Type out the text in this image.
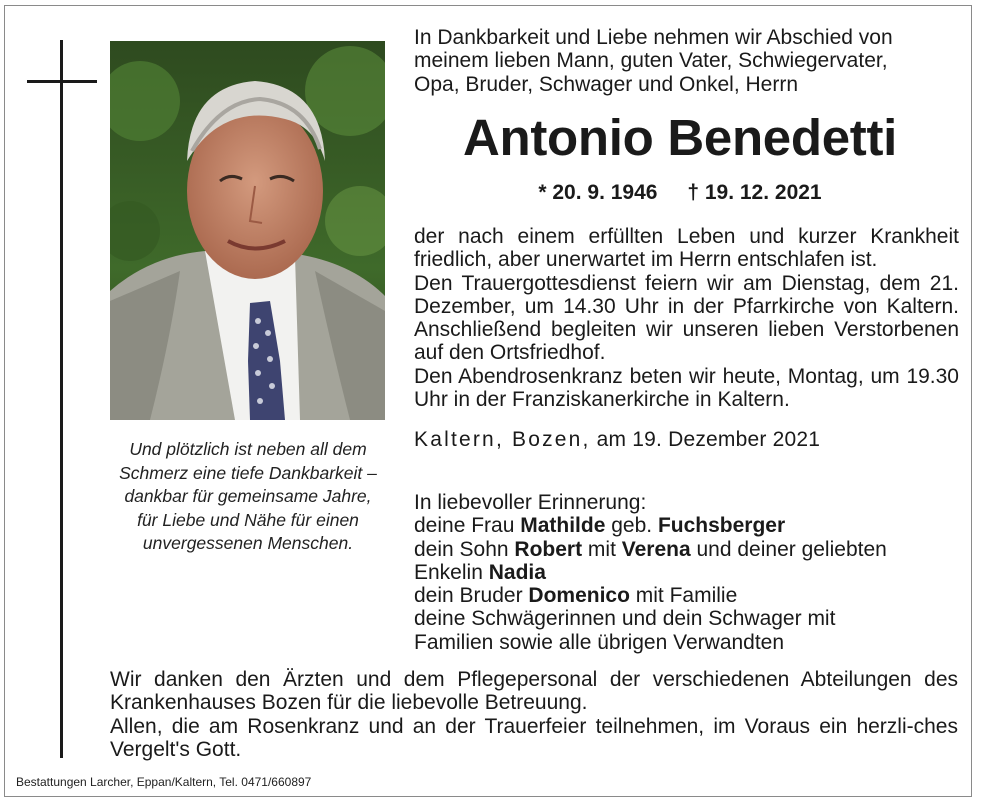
Und plötzlich ist neben all dem
Schmerz eine tiefe Dankbarkeit –
dankbar für gemeinsame Jahre,
für Liebe und Nähe für einen
unvergessenen Menschen.
In Dankbarkeit und Liebe nehmen wir Abschied von
meinem lieben Mann, guten Vater, Schwiegervater,
Opa, Bruder, Schwager und Onkel, Herrn
Antonio Benedetti
* 20. 9. 1946 † 19. 12. 2021

der nach einem erfüllten Leben und kurzer Krankheit friedlich, aber unerwartet im Herrn entschlafen ist.

Den Trauergottesdienst feiern wir am Dienstag, dem 21. Dezember, um 14.30 Uhr in der Pfarrkirche von Kaltern. Anschließend begleiten wir unseren lieben Verstorbenen auf den Ortsfriedhof.

Den Abendrosenkranz beten wir heute, Montag, um 19.30 Uhr in der Franziskanerkirche in Kaltern.

Kaltern, Bozen, am 19. Dezember 2021
In liebevoller Erinnerung:
deine Frau Mathilde geb. Fuchsberger
dein Sohn Robert mit Verena und deiner geliebten
Enkelin Nadia
dein Bruder Domenico mit Familie
deine Schwägerinnen und dein Schwager mit
Familien sowie alle übrigen Verwandten

Wir danken den Ärzten und dem Pflegepersonal der verschiedenen Abteilungen des Krankenhauses Bozen für die liebevolle Betreuung.

Allen, die am Rosenkranz und an der Trauerfeier teilnehmen, im Voraus ein herzli-ches Vergelt's Gott.

Bestattungen Larcher, Eppan/Kaltern, Tel. 0471/660897
